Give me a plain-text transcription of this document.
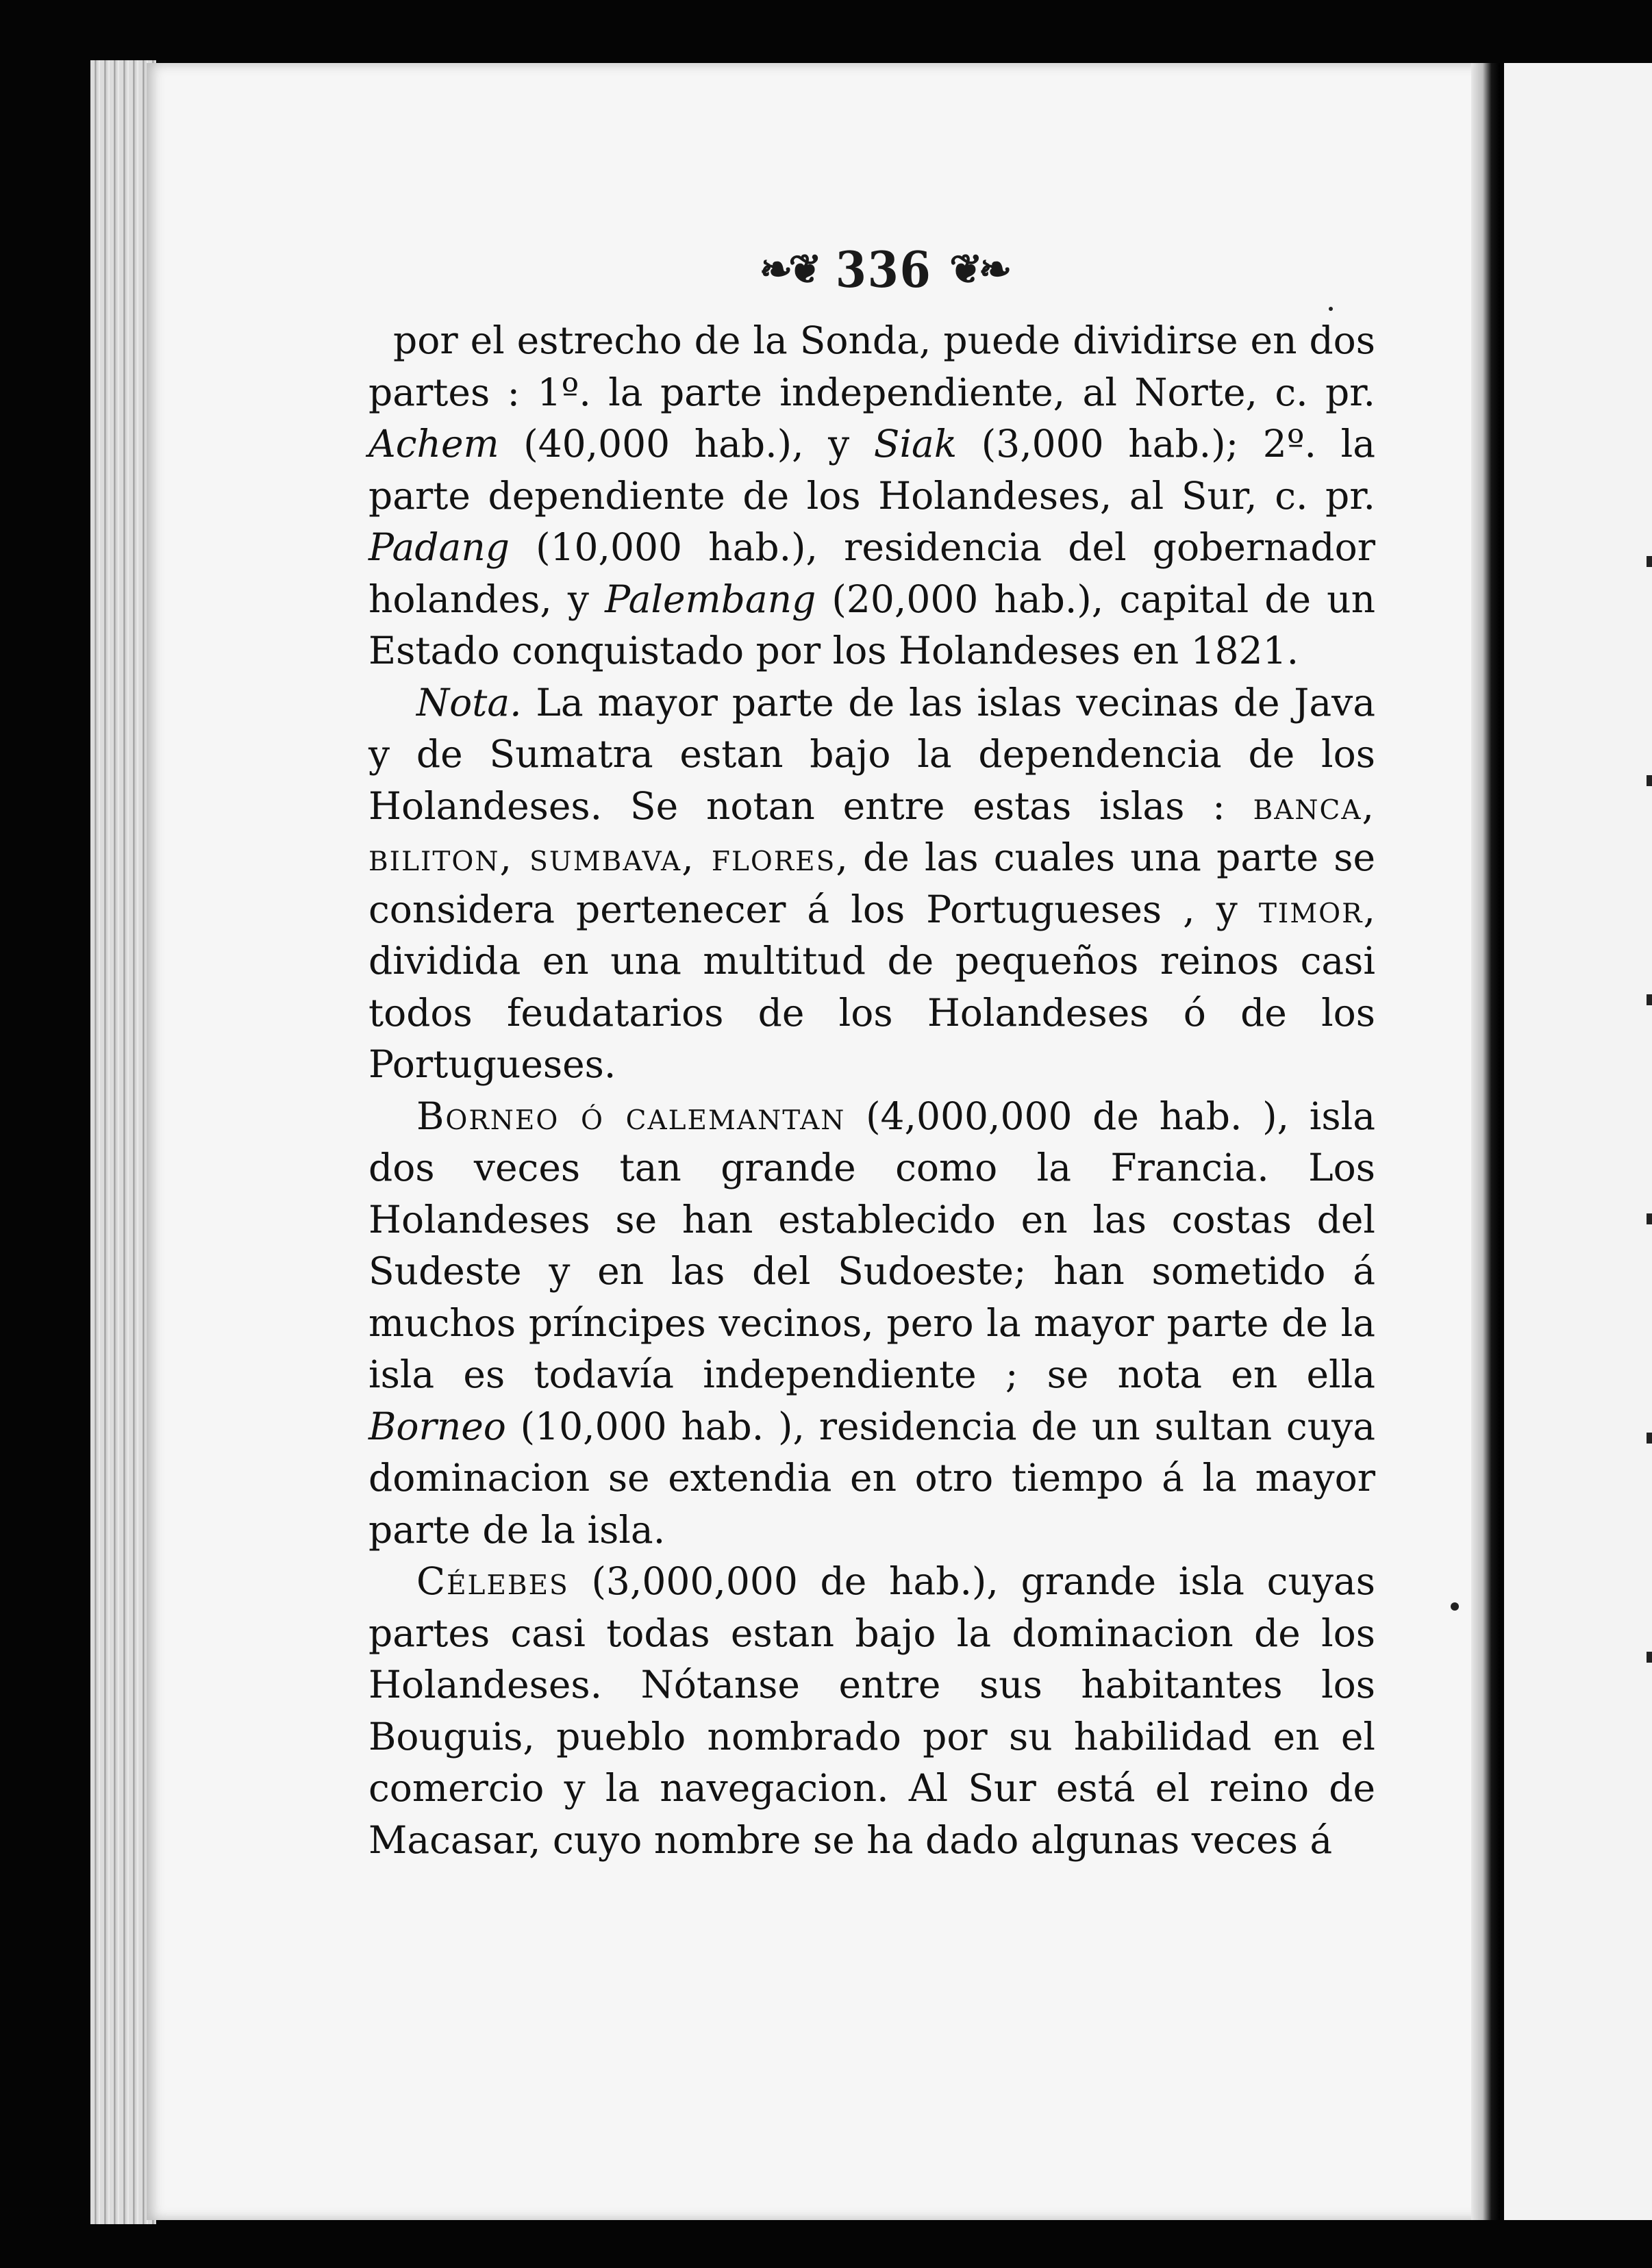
❧❦ 336 ❦❧

por el estrecho de la Sonda, puede dividirse en dos partes : 1º. la parte independiente, al Norte, c. pr. Achem (40,000 hab.), y Siak (3,000 hab.); 2º. la parte dependiente de los Holandeses, al Sur, c. pr. Padang (10,000 hab.), residencia del gobernador holandes, y Palembang (20,000 hab.), capital de un Estado conquistado por los Holandeses en 1821.

Nota. La mayor parte de las islas vecinas de Java y de Sumatra estan bajo la dependencia de los Holandeses. Se notan entre estas islas : banca, biliton, sumbava, flores, de las cuales una parte se considera pertenecer á los Portugueses , y timor, dividida en una multitud de pequeños reinos casi todos feudatarios de los Holandeses ó de los Portugueses.

Borneo ó calemantan (4,000,000 de hab. ), isla dos veces tan grande como la Francia. Los Holandeses se han establecido en las costas del Sudeste y en las del Sudoeste; han sometido á muchos príncipes vecinos, pero la mayor parte de la isla es todavía independiente ; se nota en ella Borneo (10,000 hab. ), residencia de un sultan cuya dominacion se extendia en otro tiempo á la mayor parte de la isla.

Célebes (3,000,000 de hab.), grande isla cuyas partes casi todas estan bajo la dominacion de los Holandeses. Nótanse entre sus habitantes los Bouguis, pueblo nombrado por su habilidad en el comercio y la navegacion. Al Sur está el reino de Macasar, cuyo nombre se ha dado algunas veces á
